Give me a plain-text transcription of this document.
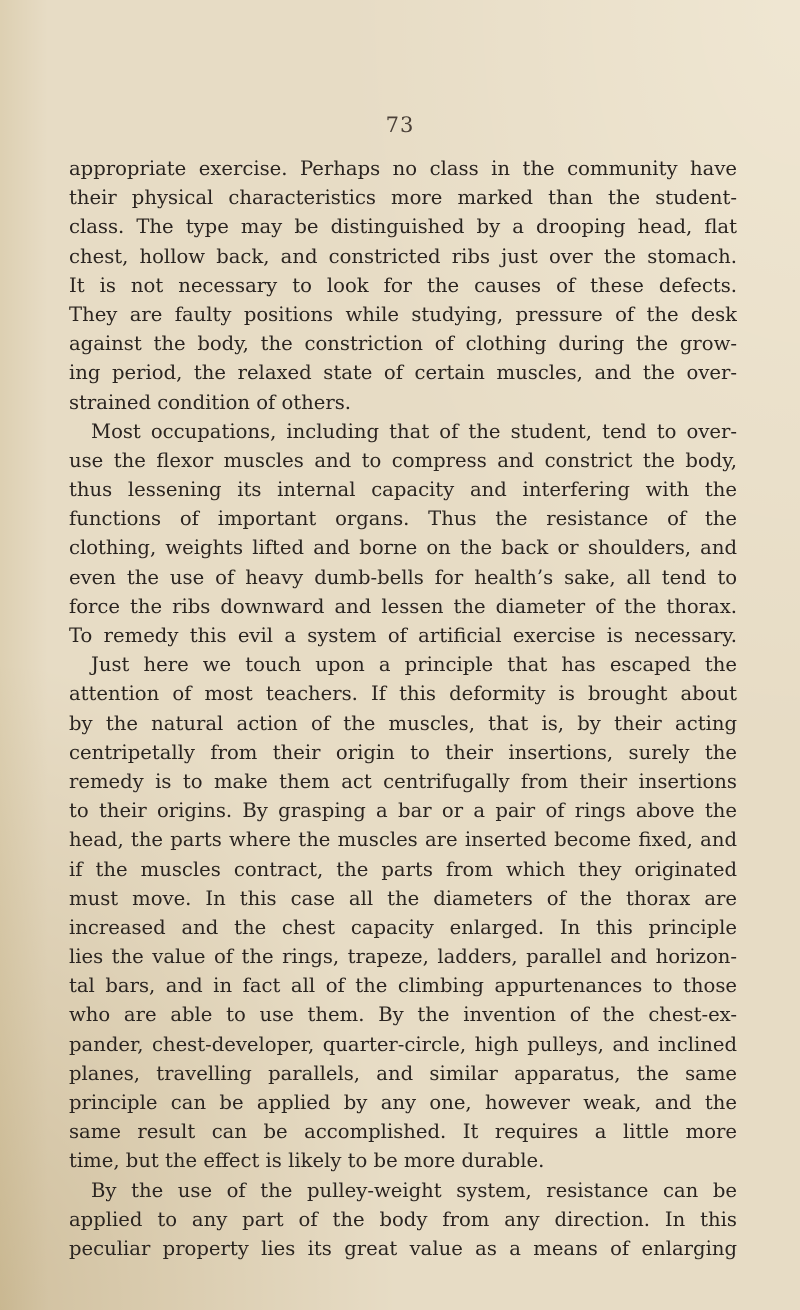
73
appropriate exercise. Perhaps no class in the community have
their physical characteristics more marked than the student-
class. The type may be distinguished by a drooping head, flat
chest, hollow back, and constricted ribs just over the stomach.
It is not necessary to look for the causes of these defects.
They are faulty positions while studying, pressure of the desk
against the body, the constriction of clothing during the grow-
ing period, the relaxed state of certain muscles, and the over-
strained condition of others.
Most occupations, including that of the student, tend to over-
use the flexor muscles and to compress and constrict the body,
thus lessening its internal capacity and interfering with the
functions of important organs. Thus the resistance of the
clothing, weights lifted and borne on the back or shoulders, and
even the use of heavy dumb-bells for health’s sake, all tend to
force the ribs downward and lessen the diameter of the thorax.
To remedy this evil a system of artificial exercise is necessary.
Just here we touch upon a principle that has escaped the
attention of most teachers. If this deformity is brought about
by the natural action of the muscles, that is, by their acting
centripetally from their origin to their insertions, surely the
remedy is to make them act centrifugally from their insertions
to their origins. By grasping a bar or a pair of rings above the
head, the parts where the muscles are inserted become fixed, and
if the muscles contract, the parts from which they originated
must move. In this case all the diameters of the thorax are
increased and the chest capacity enlarged. In this principle
lies the value of the rings, trapeze, ladders, parallel and horizon-
tal bars, and in fact all of the climbing appurtenances to those
who are able to use them. By the invention of the chest-ex-
pander, chest-developer, quarter-circle, high pulleys, and inclined
planes, travelling parallels, and similar apparatus, the same
principle can be applied by any one, however weak, and the
same result can be accomplished. It requires a little more
time, but the effect is likely to be more durable.
By the use of the pulley-weight system, resistance can be
applied to any part of the body from any direction. In this
peculiar property lies its great value as a means of enlarging
